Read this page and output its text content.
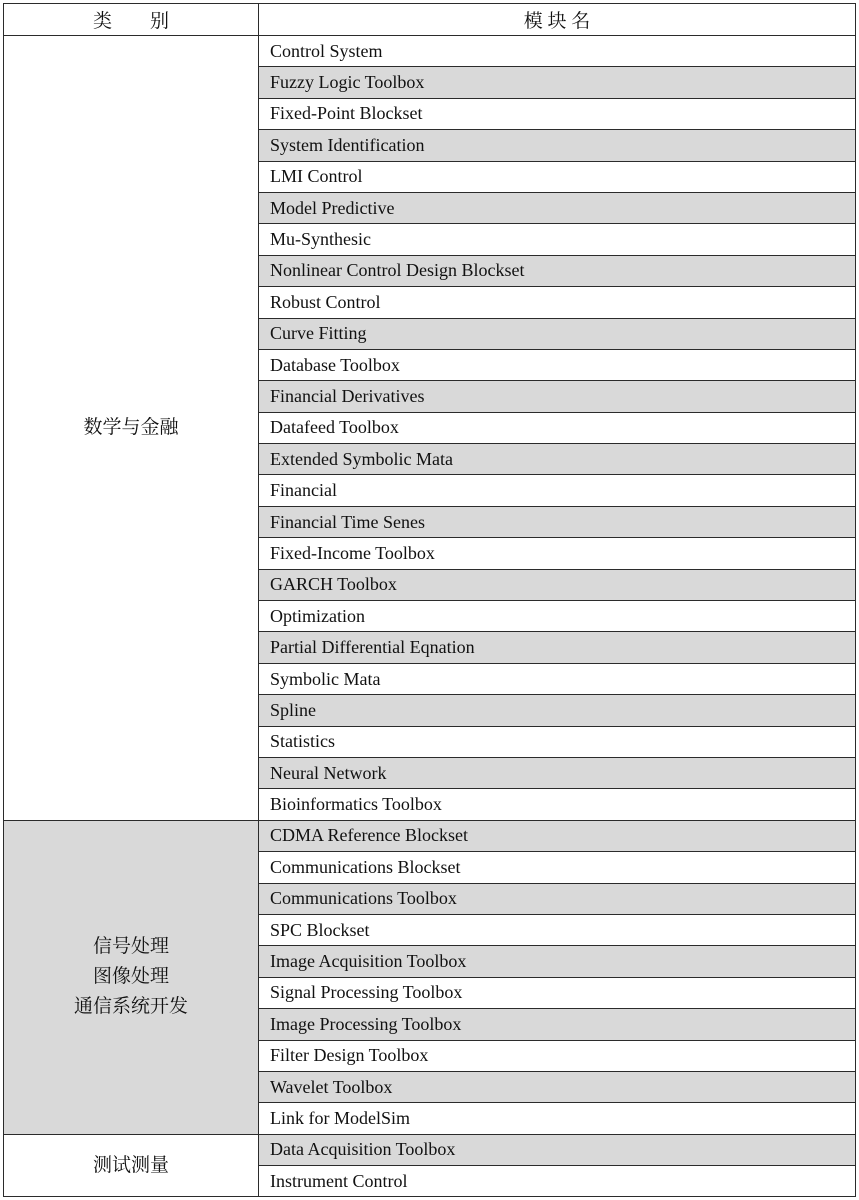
类　　别	模 块 名

数学与金融	Control System
	Fuzzy Logic Toolbox
	Fixed-Point Blockset
	System Identification
	LMI Control
	Model Predictive
	Mu-Synthesic
	Nonlinear Control Design Blockset
	Robust Control
	Curve Fitting
	Database Toolbox
	Financial Derivatives
	Datafeed Toolbox
	Extended Symbolic Mata
	Financial
	Financial Time Senes
	Fixed-Income Toolbox
	GARCH Toolbox
	Optimization
	Partial Differential Eqnation
	Symbolic Mata
	Spline
	Statistics
	Neural Network
	Bioinformatics Toolbox

信号处理
图像处理
通信系统开发	CDMA Reference Blockset
	Communications Blockset
	Communications Toolbox
	SPC Blockset
	Image Acquisition Toolbox
	Signal Processing Toolbox
	Image Processing Toolbox
	Filter Design Toolbox
	Wavelet Toolbox
	Link for ModelSim

测试测量	Data Acquisition Toolbox
	Instrument Control
